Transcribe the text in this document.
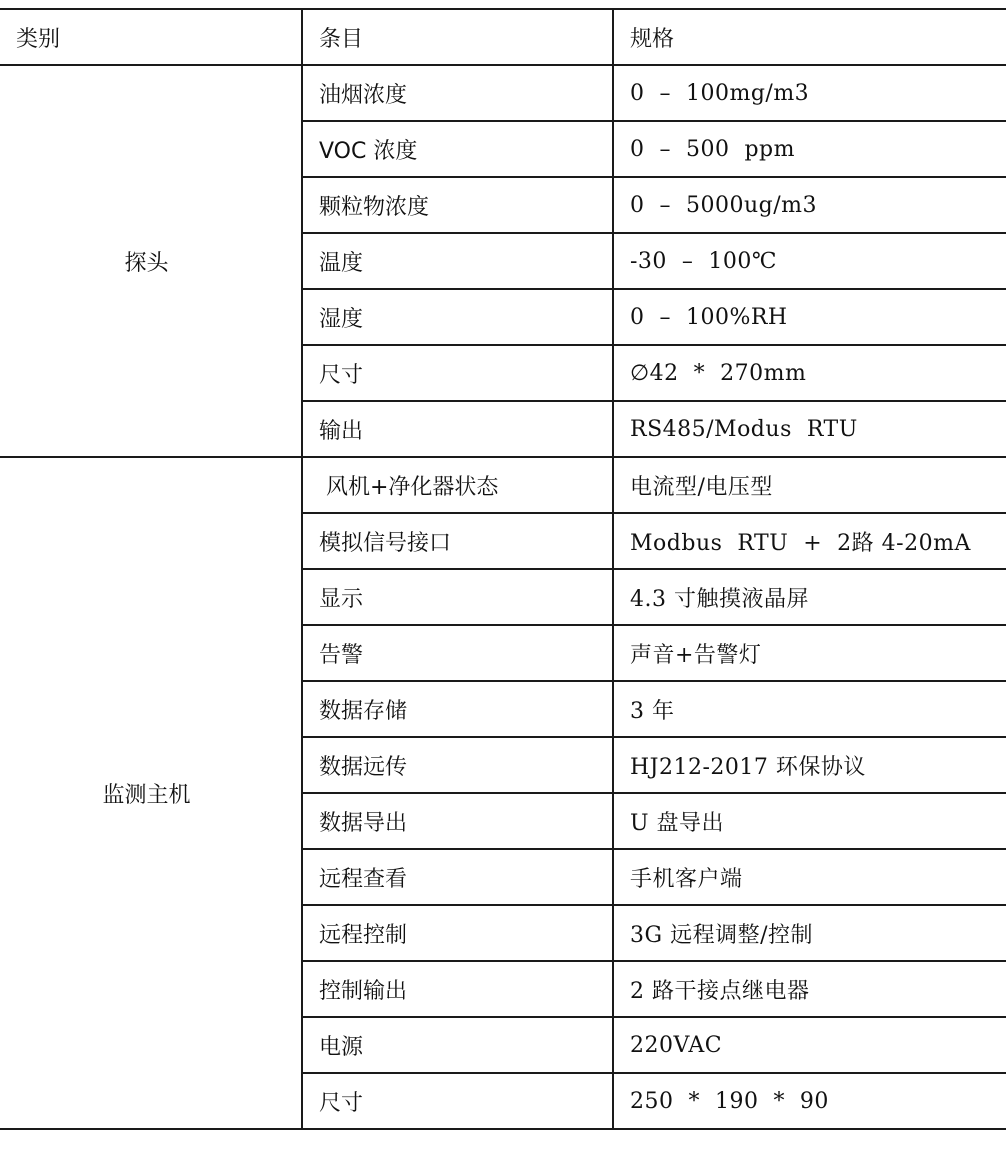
类别	条目	规格
探头	油烟浓度	0  –  100mg/m3
	VOC 浓度	0  –  500  ppm
	颗粒物浓度	0  –  5000ug/m3
	温度	-30  –  100℃
	湿度	0  –  100%RH
	尺寸	∅42  *  270mm
	输出	RS485/Modus  RTU
监测主机	风机+净化器状态	电流型/电压型
	模拟信号接口	Modbus  RTU  +  2路 4-20mA
	显示	4.3 寸触摸液晶屏
	告警	声音+告警灯
	数据存储	3 年
	数据远传	HJ212-2017 环保协议
	数据导出	U 盘导出
	远程查看	手机客户端
	远程控制	3G 远程调整/控制
	控制输出	2 路干接点继电器
	电源	220VAC
	尺寸	250  *  190  *  90
